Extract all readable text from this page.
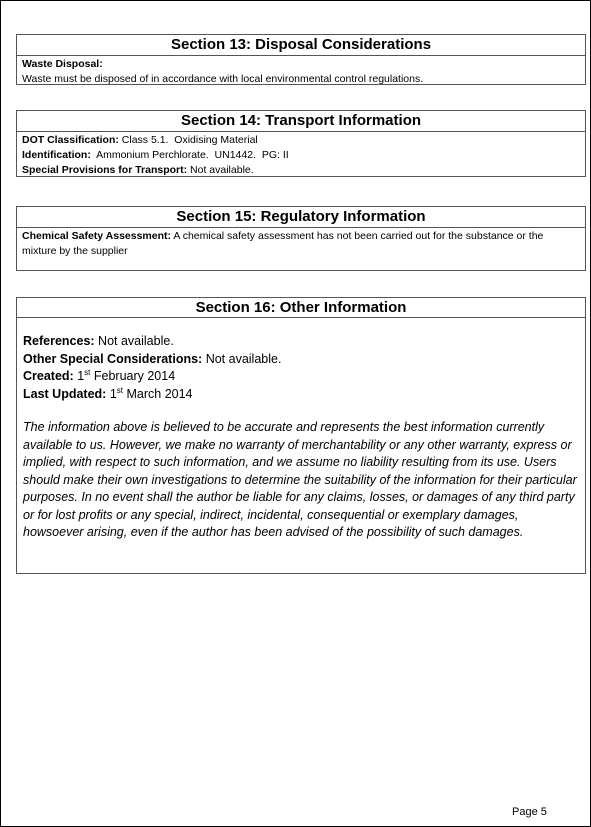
Section 13: Disposal Considerations
Waste Disposal:
Waste must be disposed of in accordance with local environmental control regulations.
Section 14: Transport Information
DOT Classification: Class 5.1.  Oxidising Material
Identification:  Ammonium Perchlorate.  UN1442.  PG: II
Special Provisions for Transport: Not available.
Section 15: Regulatory Information
Chemical Safety Assessment: A chemical safety assessment has not been carried out for the substance or the mixture by the supplier
Section 16: Other Information
References: Not available.
Other Special Considerations: Not available.
Created: 1st February 2014
Last Updated: 1st March 2014
The information above is believed to be accurate and represents the best information currently available to us. However, we make no warranty of merchantability or any other warranty, express or implied, with respect to such information, and we assume no liability resulting from its use. Users should make their own investigations to determine the suitability of the information for their particular purposes. In no event shall the author be liable for any claims, losses, or damages of any third party or for lost profits or any special, indirect, incidental, consequential or exemplary damages, howsoever arising, even if the author has been advised of the possibility of such damages.
Page 5
